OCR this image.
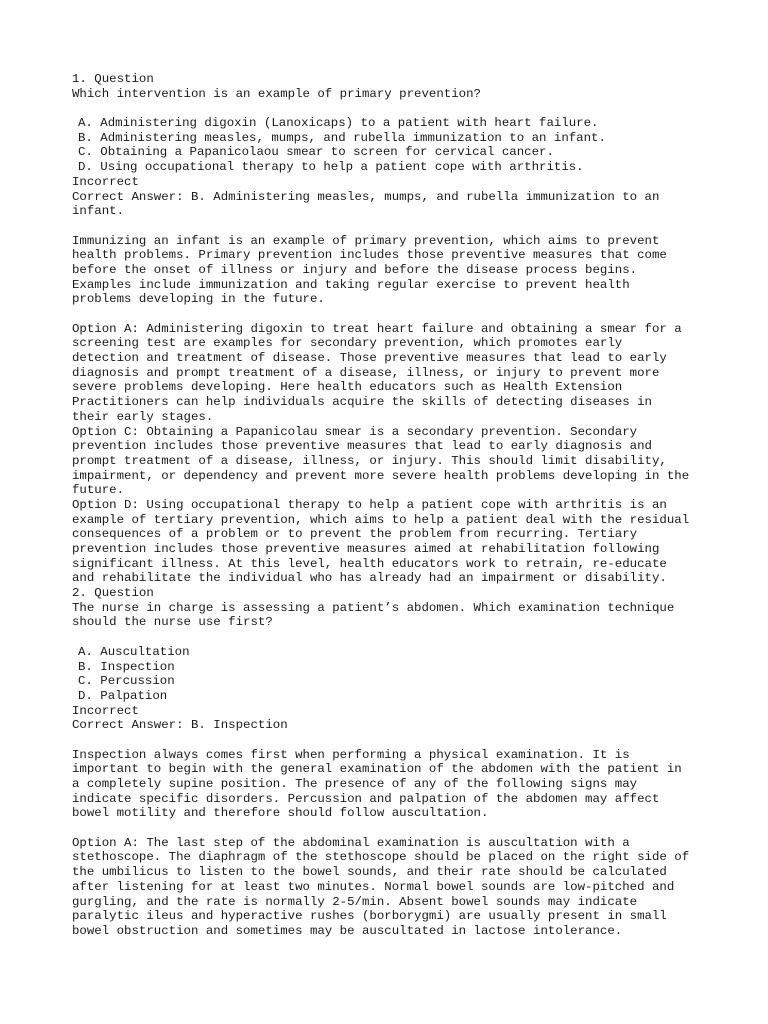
1. Question
Which intervention is an example of primary prevention?
A. Administering digoxin (Lanoxicaps) to a patient with heart failure.
B. Administering measles, mumps, and rubella immunization to an infant.
C. Obtaining a Papanicolaou smear to screen for cervical cancer.
D. Using occupational therapy to help a patient cope with arthritis.
Incorrect
Correct Answer: B. Administering measles, mumps, and rubella immunization to an
infant.
Immunizing an infant is an example of primary prevention, which aims to prevent
health problems. Primary prevention includes those preventive measures that come
before the onset of illness or injury and before the disease process begins.
Examples include immunization and taking regular exercise to prevent health
problems developing in the future.
Option A: Administering digoxin to treat heart failure and obtaining a smear for a
screening test are examples for secondary prevention, which promotes early
detection and treatment of disease. Those preventive measures that lead to early
diagnosis and prompt treatment of a disease, illness, or injury to prevent more
severe problems developing. Here health educators such as Health Extension
Practitioners can help individuals acquire the skills of detecting diseases in
their early stages.
Option C: Obtaining a Papanicolau smear is a secondary prevention. Secondary
prevention includes those preventive measures that lead to early diagnosis and
prompt treatment of a disease, illness, or injury. This should limit disability,
impairment, or dependency and prevent more severe health problems developing in the
future.
Option D: Using occupational therapy to help a patient cope with arthritis is an
example of tertiary prevention, which aims to help a patient deal with the residual
consequences of a problem or to prevent the problem from recurring. Tertiary
prevention includes those preventive measures aimed at rehabilitation following
significant illness. At this level, health educators work to retrain, re-educate
and rehabilitate the individual who has already had an impairment or disability.
2. Question
The nurse in charge is assessing a patient’s abdomen. Which examination technique
should the nurse use first?
A. Auscultation
B. Inspection
C. Percussion
D. Palpation
Incorrect
Correct Answer: B. Inspection
Inspection always comes first when performing a physical examination. It is
important to begin with the general examination of the abdomen with the patient in
a completely supine position. The presence of any of the following signs may
indicate specific disorders. Percussion and palpation of the abdomen may affect
bowel motility and therefore should follow auscultation.
Option A: The last step of the abdominal examination is auscultation with a
stethoscope. The diaphragm of the stethoscope should be placed on the right side of
the umbilicus to listen to the bowel sounds, and their rate should be calculated
after listening for at least two minutes. Normal bowel sounds are low-pitched and
gurgling, and the rate is normally 2-5/min. Absent bowel sounds may indicate
paralytic ileus and hyperactive rushes (borborygmi) are usually present in small
bowel obstruction and sometimes may be auscultated in lactose intolerance.
